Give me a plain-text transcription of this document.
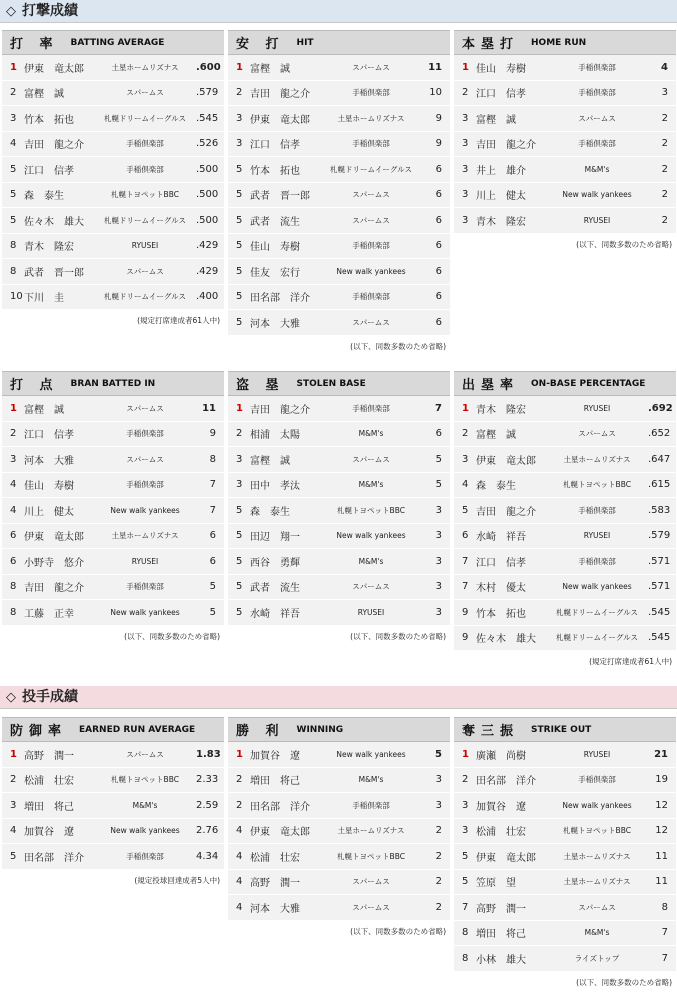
◇ 打撃成績
◇ 投手成績
打 率 BATTING AVERAGE
1 伊東　竜太郎	土星ホームリズナス	.600
2 富樫　誠	スパームス	.579
3 竹本　拓也	札幌ドリームイーグルス	.545
4 吉田　龍之介	手稲倶楽部	.526
5 江口　信孝	手稲倶楽部	.500
5 森　泰生	札幌トヨペットBBC	.500
5 佐々木　雄大	札幌ドリームイーグルス	.500
8 青木　隆宏	RYUSEI	.429
8 武者　晋一郎	スパームス	.429
10 下川　圭	札幌ドリームイーグルス	.400
(規定打席達成者61人中)
安 打 HIT
1 富樫　誠	スパームス	11
2 吉田　龍之介	手稲倶楽部	10
3 伊東　竜太郎	土星ホームリズナス	9
3 江口　信孝	手稲倶楽部	9
5 竹本　拓也	札幌ドリームイーグルス	6
5 武者　晋一郎	スパームス	6
5 武者　流生	スパームス	6
5 佳山　寿樹	手稲倶楽部	6
5 佳友　宏行	New walk yankees	6
5 田名部　洋介	手稲倶楽部	6
5 河本　大雅	スパームス	6
(以下、同数多数のため省略)
本塁打 HOME RUN
1 佳山　寿樹	手稲倶楽部	4
2 江口　信孝	手稲倶楽部	3
3 富樫　誠	スパームス	2
3 吉田　龍之介	手稲倶楽部	2
3 井上　雄介	M&M's	2
3 川上　健太	New walk yankees	2
3 青木　隆宏	RYUSEI	2
(以下、同数多数のため省略)
打 点 BRAN BATTED IN
1 富樫　誠	スパームス	11
2 江口　信孝	手稲倶楽部	9
3 河本　大雅	スパームス	8
4 佳山　寿樹	手稲倶楽部	7
4 川上　健太	New walk yankees	7
6 伊東　竜太郎	土星ホームリズナス	6
6 小野寺　悠介	RYUSEI	6
8 吉田　龍之介	手稲倶楽部	5
8 工藤　正幸	New walk yankees	5
(以下、同数多数のため省略)
盗 塁 STOLEN BASE
1 吉田　龍之介	手稲倶楽部	7
2 相浦　太陽	M&M's	6
3 富樫　誠	スパームス	5
3 田中　孝汰	M&M's	5
5 森　泰生	札幌トヨペットBBC	3
5 田辺　翔一	New walk yankees	3
5 西谷　勇輝	M&M's	3
5 武者　流生	スパームス	3
5 水崎　祥吾	RYUSEI	3
(以下、同数多数のため省略)
出塁率 ON-BASE PERCENTAGE
1 青木　隆宏	RYUSEI	.692
2 富樫　誠	スパームス	.652
3 伊東　竜太郎	土星ホームリズナス	.647
4 森　泰生	札幌トヨペットBBC	.615
5 吉田　龍之介	手稲倶楽部	.583
6 水崎　祥吾	RYUSEI	.579
7 江口　信孝	手稲倶楽部	.571
7 木村　優太	New walk yankees	.571
9 竹本　拓也	札幌ドリームイーグルス	.545
9 佐々木　雄大	札幌ドリームイーグルス	.545
(規定打席達成者61人中)
防御率 EARNED RUN AVERAGE
1 高野　潤一	スパームス	1.83
2 松浦　壮宏	札幌トヨペットBBC	2.33
3 増田　将己	M&M's	2.59
4 加賀谷　遼	New walk yankees	2.76
5 田名部　洋介	手稲倶楽部	4.34
(規定投球回達成者5人中)
勝 利 WINNING
1 加賀谷　遼	New walk yankees	5
2 増田　将己	M&M's	3
2 田名部　洋介	手稲倶楽部	3
4 伊東　竜太郎	土星ホームリズナス	2
4 松浦　壮宏	札幌トヨペットBBC	2
4 高野　潤一	スパームス	2
4 河本　大雅	スパームス	2
(以下、同数多数のため省略)
奪三振 STRIKE OUT
1 廣瀬　尚樹	RYUSEI	21
2 田名部　洋介	手稲倶楽部	19
3 加賀谷　遼	New walk yankees	12
3 松浦　壮宏	札幌トヨペットBBC	12
5 伊東　竜太郎	土星ホームリズナス	11
5 笠原　望	土星ホームリズナス	11
7 高野　潤一	スパームス	8
8 増田　将己	M&M's	7
8 小林　雄大	ライズトップ	7
(以下、同数多数のため省略)
